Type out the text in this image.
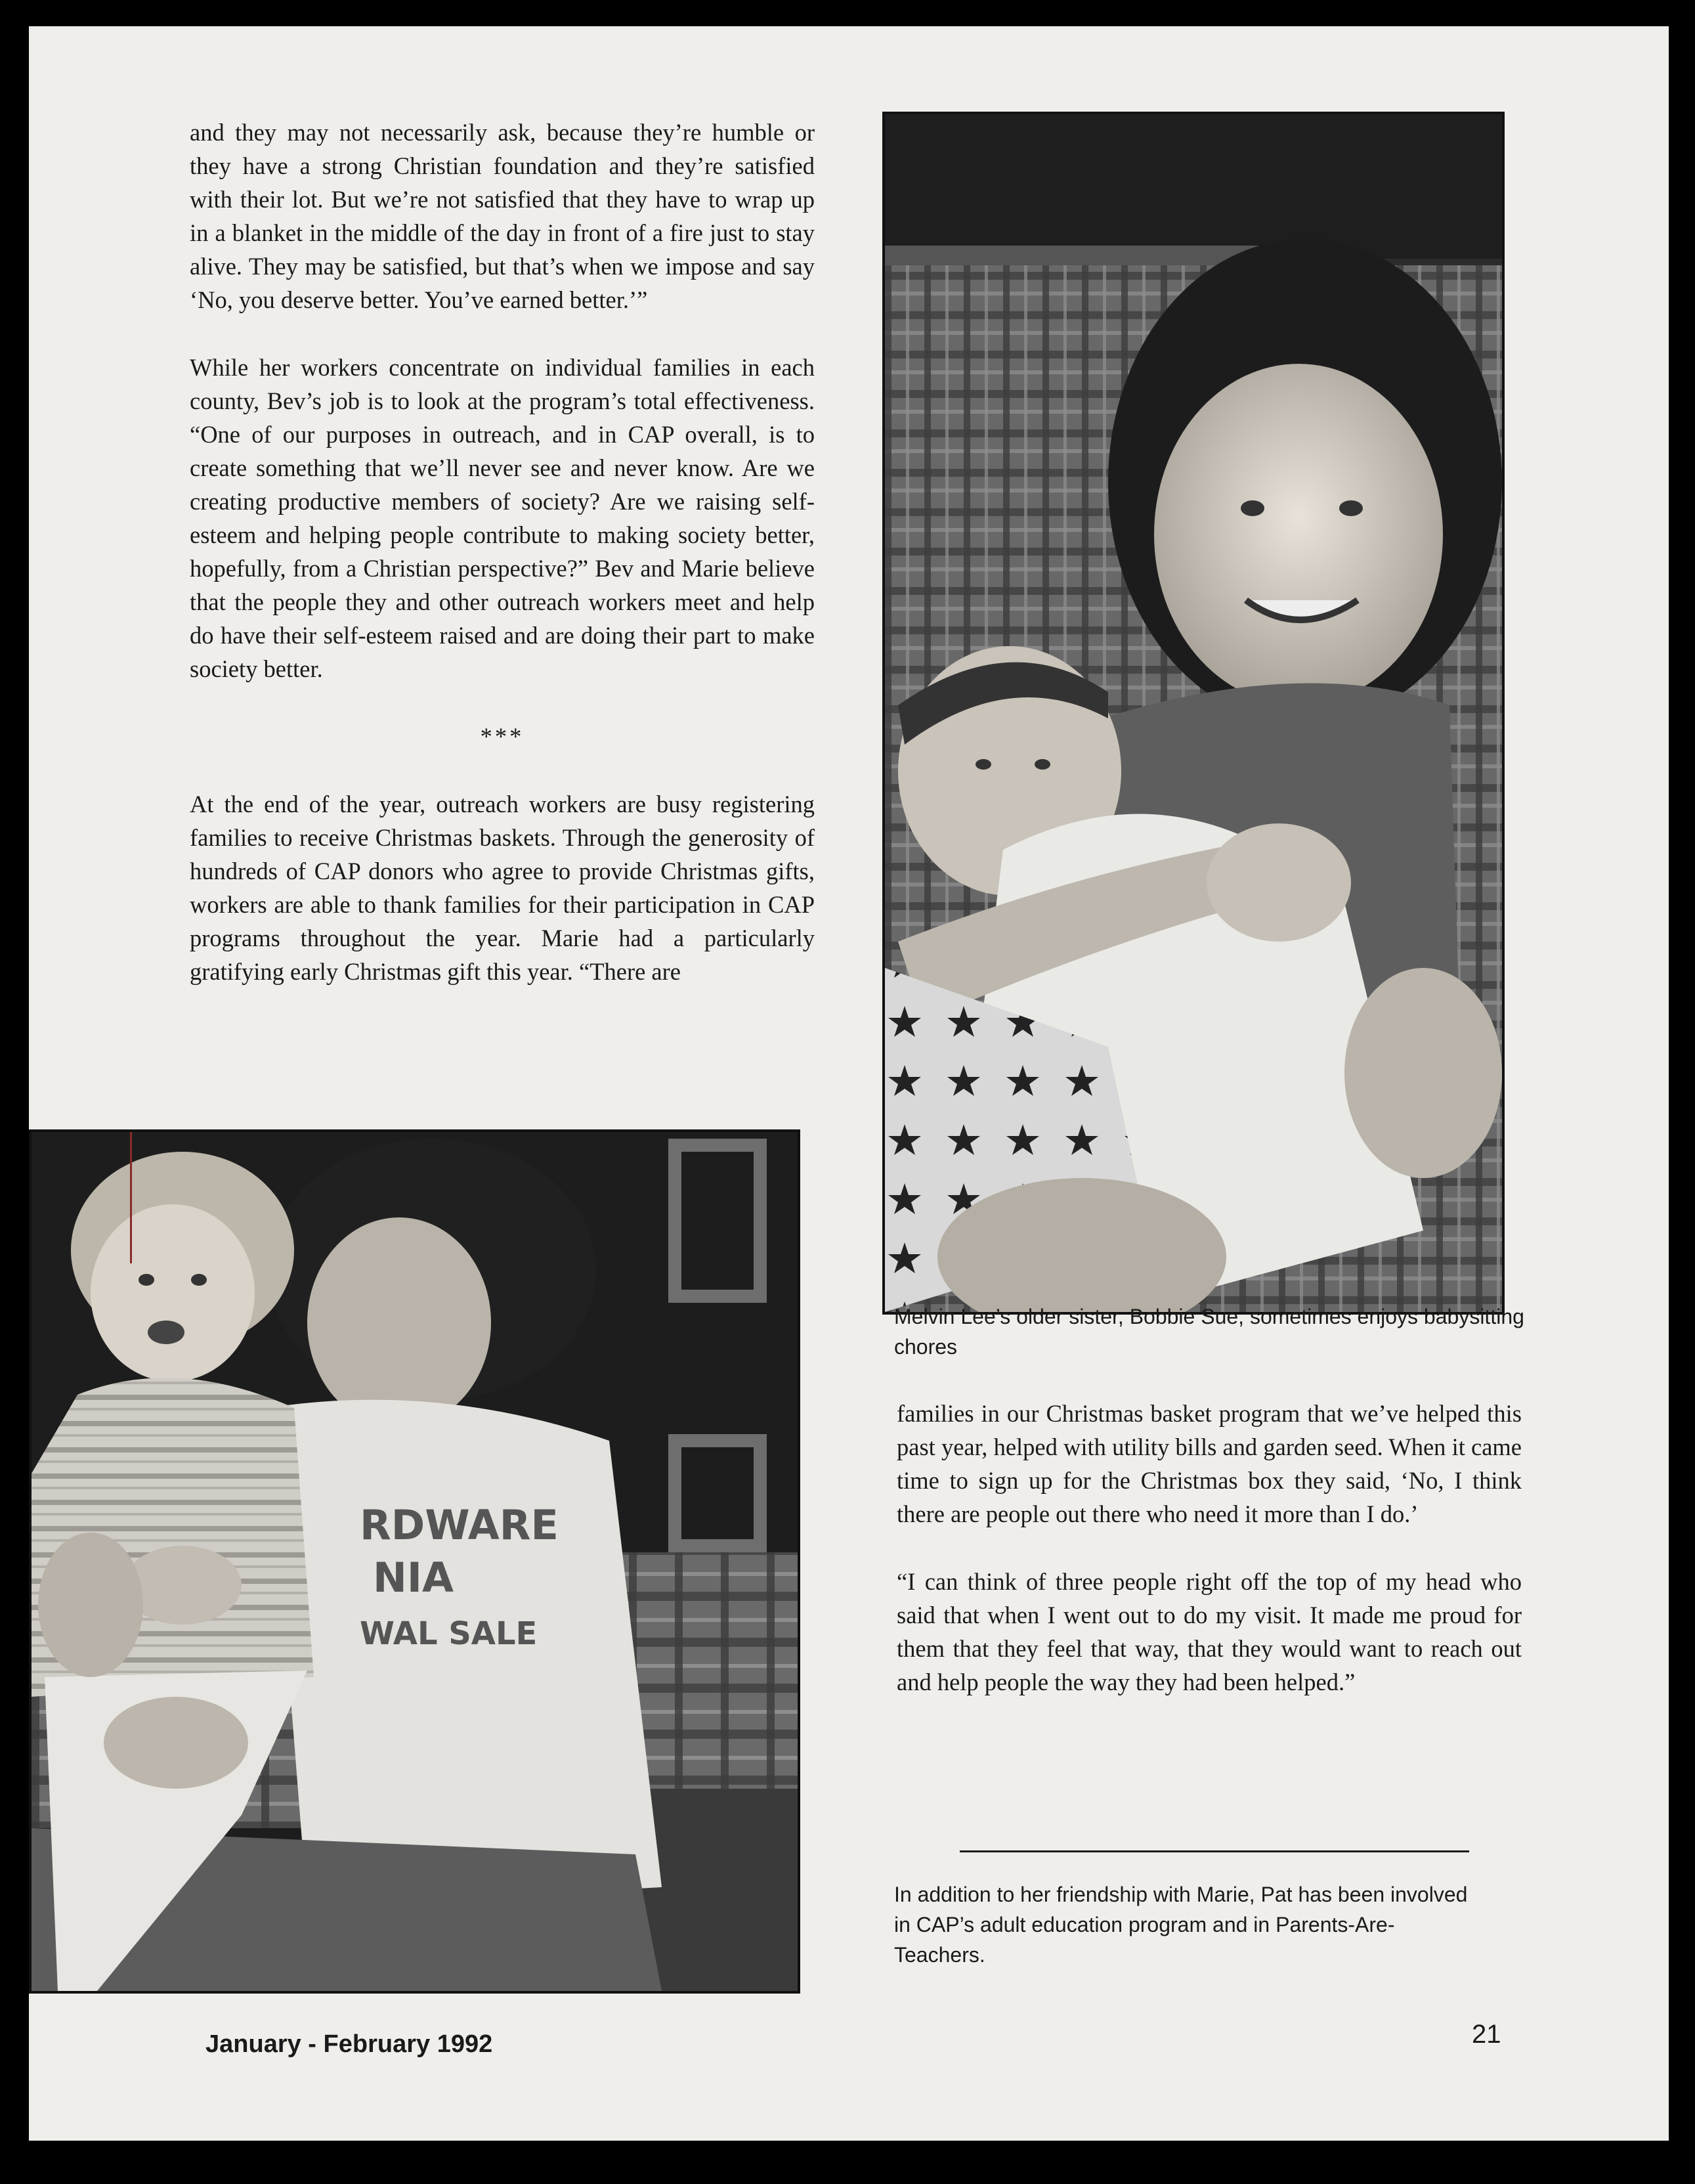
and they may not necessarily ask, because they’re humble or they have a strong Christian foundation and they’re satisfied with their lot. But we’re not satisfied that they have to wrap up in a blanket in the middle of the day in front of a fire just to stay alive. They may be satisfied, but that’s when we impose and say ‘No, you deserve better. You’ve earned better.’”

While her workers concentrate on individual families in each county, Bev’s job is to look at the program’s total effectiveness. “One of our purposes in outreach, and in CAP overall, is to create something that we’ll never see and never know. Are we creating productive members of society? Are we raising self-esteem and helping people contribute to making society better, hopefully, from a Christian perspective?” Bev and Marie believe that the people they and other outreach workers meet and help do have their self-esteem raised and are doing their part to make society better.

***

At the end of the year, outreach workers are busy registering families to receive Christmas baskets. Through the generosity of hundreds of CAP donors who agree to provide Christmas gifts, workers are able to thank families for their participation in CAP programs throughout the year. Marie had a particularly gratifying early Christmas gift this year. “There are

Melvin Lee’s older sister, Bobbie Sue, sometimes enjoys babysitting chores

families in our Christmas basket program that we’ve helped this past year, helped with utility bills and garden seed. When it came time to sign up for the Christmas box they said, ‘No, I think there are people out there who need it more than I do.’

“I can think of three people right off the top of my head who said that when I went out to do my visit. It made me proud for them that they feel that way, that they would want to reach out and help people the way they had been helped.”

RDWARE
NIA
WAL SALE
In addition to her friendship with Marie, Pat has been involved in CAP’s adult education program and in Parents-Are-Teachers.
January - February 1992	21
